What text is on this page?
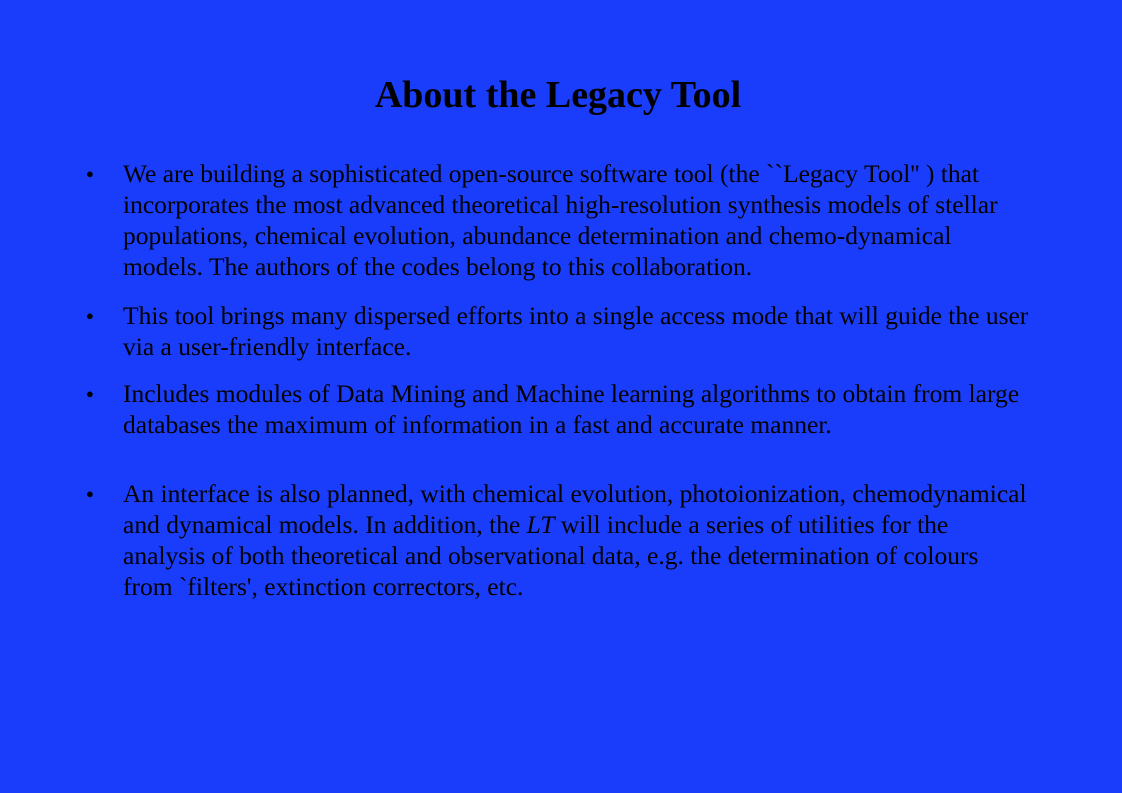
About the Legacy Tool
● We are building a sophisticated open-source software tool (the ``Legacy Tool'' ) that incorporates the most advanced theoretical high-resolution synthesis models of stellar populations, chemical evolution, abundance determination and chemo-dynamical models. The authors of the codes belong to this collaboration.
● This tool brings many dispersed efforts into a single access mode that will guide the user via a user-friendly interface.
● Includes modules of Data Mining and Machine learning algorithms to obtain from large databases the maximum of information in a fast and accurate manner.
● An interface is also planned, with chemical evolution, photoionization, chemodynamical and dynamical models. In addition, the LT will include a series of utilities for the analysis of both theoretical and observational data, e.g. the determination of colours from `filters', extinction correctors, etc.
